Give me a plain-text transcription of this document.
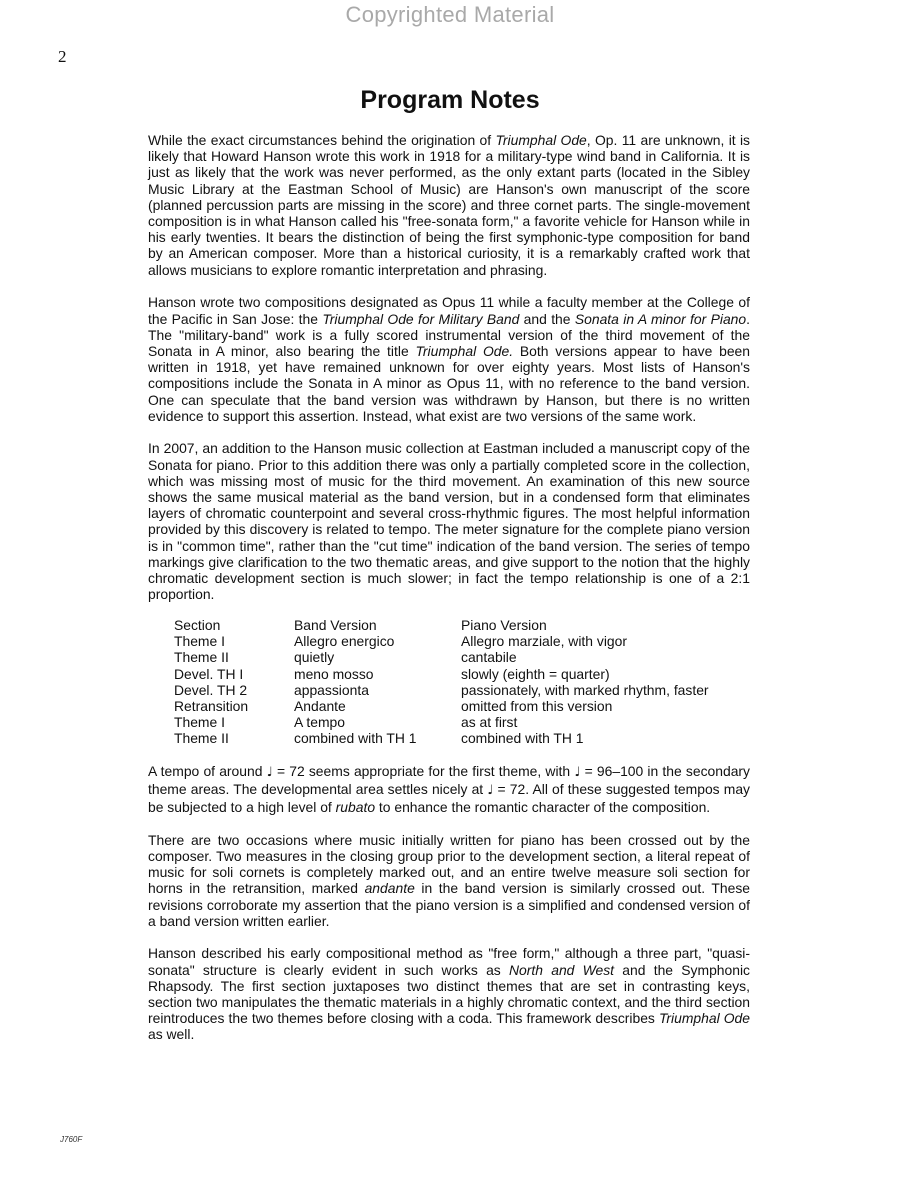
Copyrighted Material
2
Program Notes

While the exact circumstances behind the origination of Triumphal Ode, Op. 11 are unknown, it is likely that Howard Hanson wrote this work in 1918 for a military-type wind band in California. It is just as likely that the work was never performed, as the only extant parts (located in the Sibley Music Library at the Eastman School of Music) are Hanson's own manuscript of the score (planned percussion parts are missing in the score) and three cornet parts. The single-movement composition is in what Hanson called his "free-sonata form," a favorite vehicle for Hanson while in his early twenties. It bears the distinction of being the first symphonic-type composition for band by an American composer. More than a historical curiosity, it is a remarkably crafted work that allows musicians to explore romantic interpretation and phrasing.

Hanson wrote two compositions designated as Opus 11 while a faculty member at the College of the Pacific in San Jose: the Triumphal Ode for Military Band and the Sonata in A minor for Piano. The "military-band" work is a fully scored instrumental version of the third movement of the Sonata in A minor, also bearing the title Triumphal Ode. Both versions appear to have been written in 1918, yet have remained unknown for over eighty years. Most lists of Hanson's compositions include the Sonata in A minor as Opus 11, with no reference to the band version. One can speculate that the band version was withdrawn by Hanson, but there is no written evidence to support this assertion. Instead, what exist are two versions of the same work.

In 2007, an addition to the Hanson music collection at Eastman included a manuscript copy of the Sonata for piano. Prior to this addition there was only a partially completed score in the collection, which was missing most of music for the third movement. An examination of this new source shows the same musical material as the band version, but in a condensed form that eliminates layers of chromatic counterpoint and several cross-rhythmic figures. The most helpful information provided by this discovery is related to tempo. The meter signature for the complete piano version is in "common time", rather than the "cut time" indication of the band version. The series of tempo markings give clarification to the two thematic areas, and give support to the notion that the highly chromatic development section is much slower; in fact the tempo relationship is one of a 2:1 proportion.

Section	Band Version	Piano Version
Theme I	Allegro energico	Allegro marziale, with vigor
Theme II	quietly	cantabile
Devel. TH I	meno mosso	slowly (eighth = quarter)
Devel. TH 2	appassionta	passionately, with marked rhythm, faster
Retransition	Andante	omitted from this version
Theme I	A tempo	as at first
Theme II	combined with TH 1	combined with TH 1

A tempo of around ♩ = 72 seems appropriate for the first theme, with ♩ = 96–100 in the secondary theme areas. The developmental area settles nicely at ♩ = 72. All of these suggested tempos may be subjected to a high level of rubato to enhance the romantic character of the composition.

There are two occasions where music initially written for piano has been crossed out by the composer. Two measures in the closing group prior to the development section, a literal repeat of music for soli cornets is completely marked out, and an entire twelve measure soli section for horns in the retransition, marked andante in the band version is similarly crossed out. These revisions corroborate my assertion that the piano version is a simplified and condensed version of a band version written earlier.

Hanson described his early compositional method as "free form," although a three part, "quasi-sonata" structure is clearly evident in such works as North and West and the Symphonic Rhapsody. The first section juxtaposes two distinct themes that are set in contrasting keys, section two manipulates the thematic materials in a highly chromatic context, and the third section reintroduces the two themes before closing with a coda. This framework describes Triumphal Ode as well.

J760F
